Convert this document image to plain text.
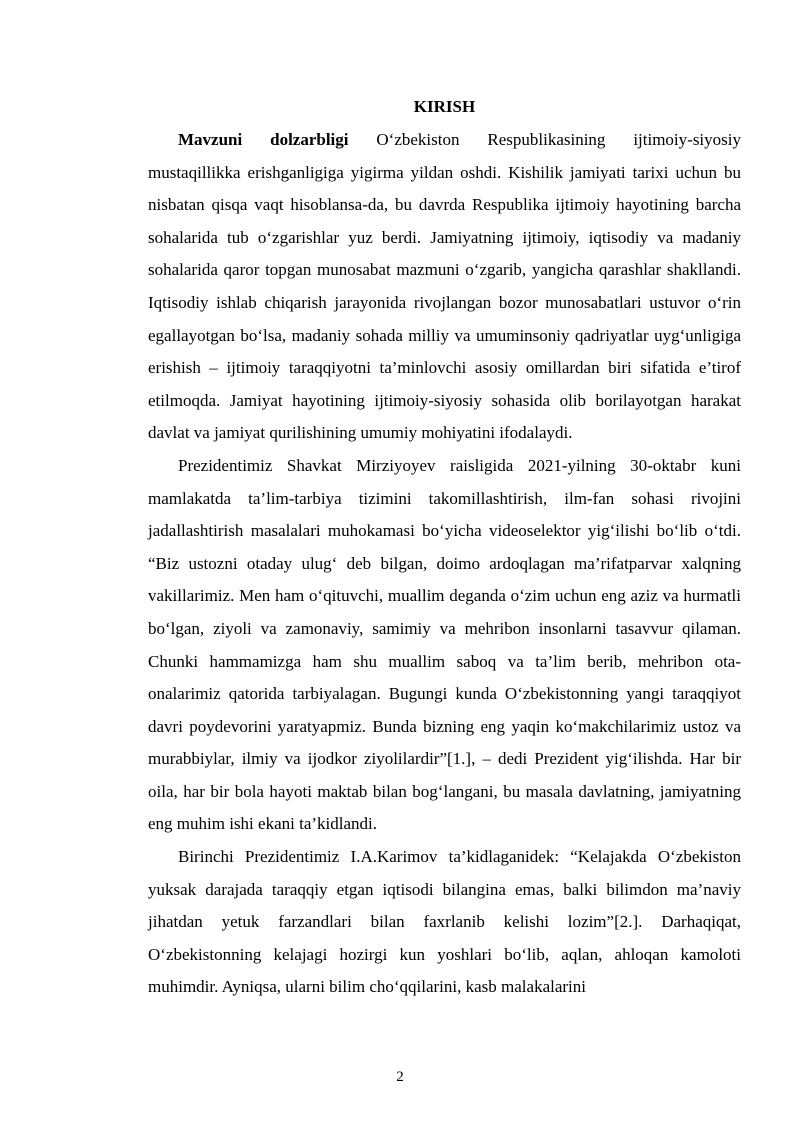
KIRISH

Mavzuni dolzarbligi O‘zbekiston Respublikasining ijtimoiy-siyosiy mustaqillikka erishganligiga yigirma yildan oshdi. Kishilik jamiyati tarixi uchun bu nisbatan qisqa vaqt hisoblansa-da, bu davrda Respublika ijtimoiy hayotining barcha sohalarida tub o‘zgarishlar yuz berdi. Jamiyatning ijtimoiy, iqtisodiy va madaniy sohalarida qaror topgan munosabat mazmuni o‘zgarib, yangicha qarashlar shakllandi. Iqtisodiy ishlab chiqarish jarayonida rivojlangan bozor munosabatlari ustuvor o‘rin egallayotgan bo‘lsa, madaniy sohada milliy va umuminsoniy qadriyatlar uyg‘unligiga erishish – ijtimoiy taraqqiyotni ta’minlovchi asosiy omillardan biri sifatida e’tirof etilmoqda. Jamiyat hayotining ijtimoiy-siyosiy sohasida olib borilayotgan harakat davlat va jamiyat qurilishining umumiy mohiyatini ifodalaydi.

Prezidentimiz Shavkat Mirziyoyev raisligida 2021-yilning 30-oktabr kuni mamlakatda ta’lim-tarbiya tizimini takomillashtirish, ilm-fan sohasi rivojini jadallashtirish masalalari muhokamasi bo‘yicha videoselektor yig‘ilishi bo‘lib o‘tdi. “Biz ustozni otaday ulug‘ deb bilgan, doimo ardoqlagan ma’rifatparvar xalqning vakillarimiz. Men ham o‘qituvchi, muallim deganda o‘zim uchun eng aziz va hurmatli bo‘lgan, ziyoli va zamonaviy, samimiy va mehribon insonlarni tasavvur qilaman. Chunki hammamizga ham shu muallim saboq va ta’lim berib, mehribon ota-onalarimiz qatorida tarbiyalagan. Bugungi kunda O‘zbekistonning yangi taraqqiyot davri poydevorini yaratyapmiz. Bunda bizning eng yaqin ko‘makchilarimiz ustoz va murabbiylar, ilmiy va ijodkor ziyolilardir”[1.], – dedi Prezident yig‘ilishda. Har bir oila, har bir bola hayoti maktab bilan bog‘langani, bu masala davlatning, jamiyatning eng muhim ishi ekani ta’kidlandi.

Birinchi Prezidentimiz I.A.Karimov ta’kidlaganidek: “Kelajakda O‘zbekiston yuksak darajada taraqqiy etgan iqtisodi bilangina emas, balki bilimdon ma’naviy jihatdan yetuk farzandlari bilan faxrlanib kelishi lozim”[2.]. Darhaqiqat, O‘zbekistonning kelajagi hozirgi kun yoshlari bo‘lib, aqlan, ahloqan kamoloti muhimdir. Ayniqsa, ularni bilim cho‘qqilarini, kasb malakalarini

2
